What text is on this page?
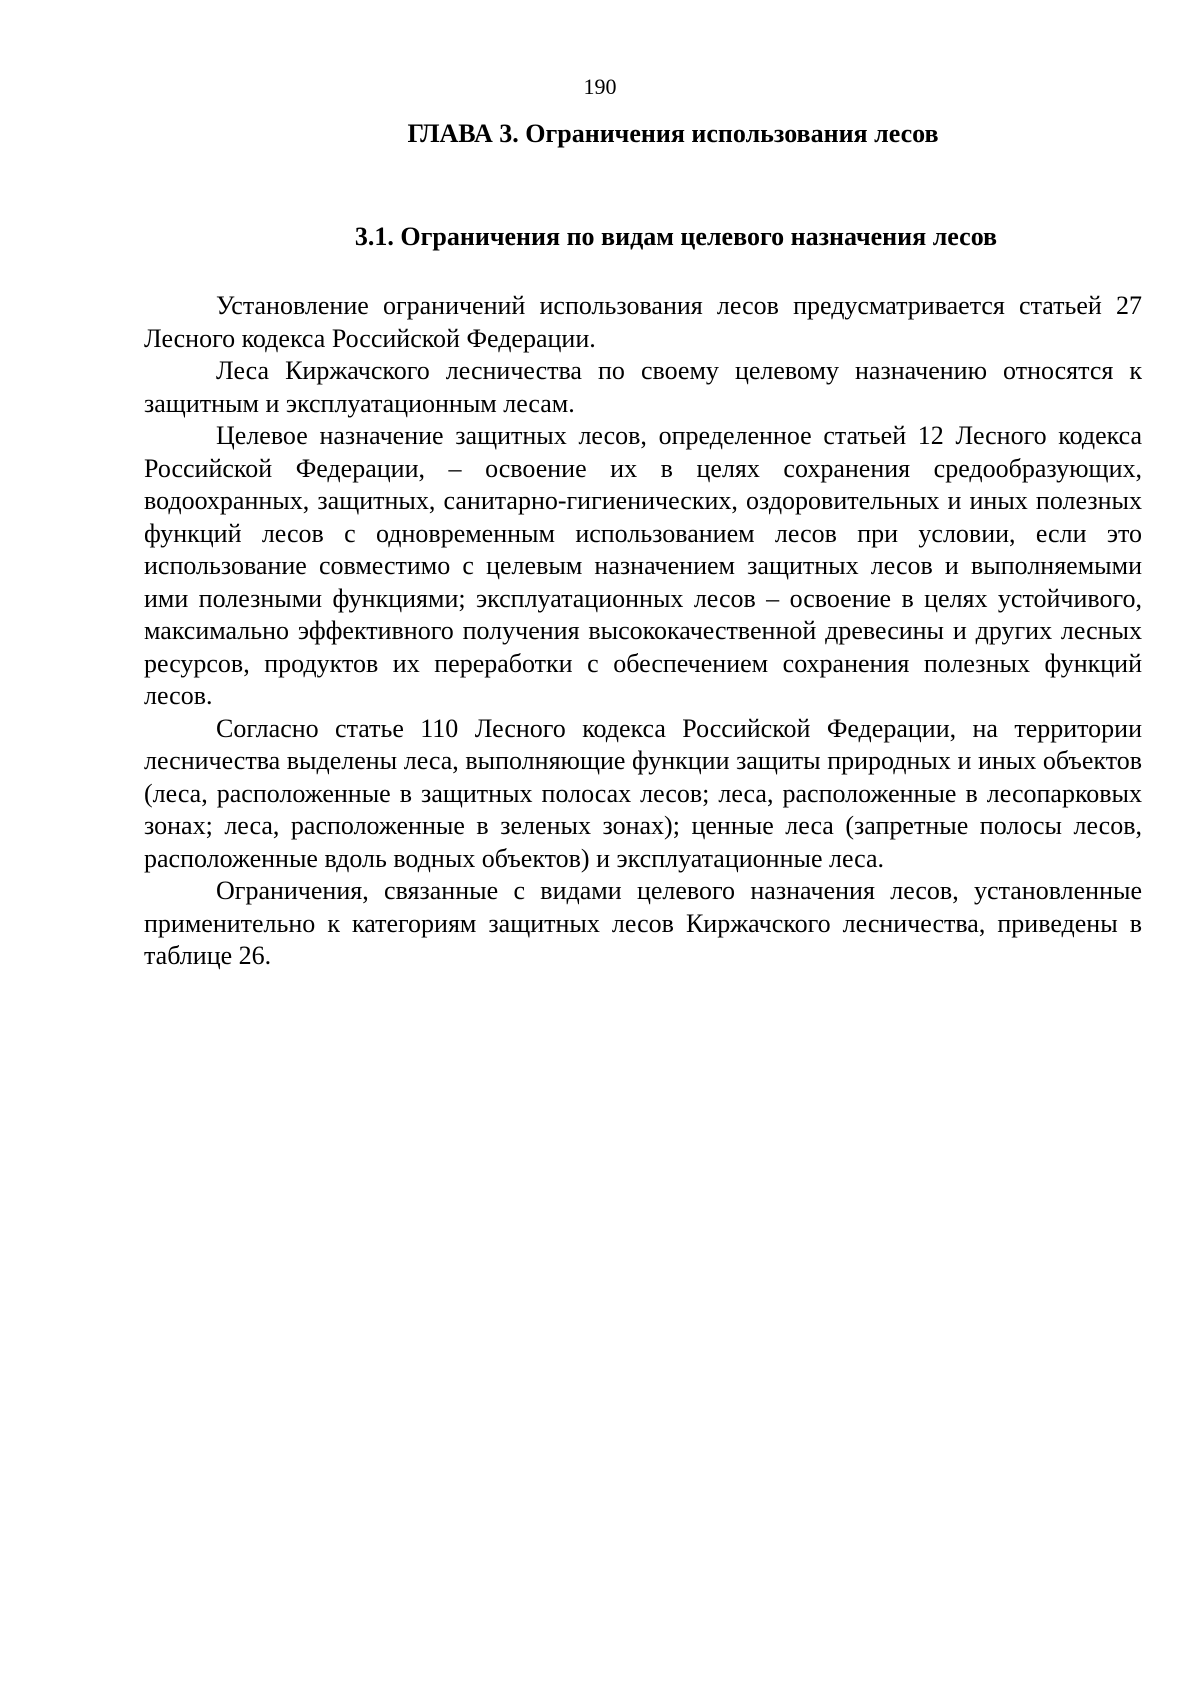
190
ГЛАВА 3. Ограничения использования лесов
3.1. Ограничения по видам целевого назначения лесов

Установление ограничений использования лесов предусматривается статьей 27 Лесного кодекса Российской Федерации.

Леса Киржачского лесничества по своему целевому назначению относятся к защитным и эксплуатационным лесам.

Целевое назначение защитных лесов, определенное статьей 12 Лесного кодекса Российской Федерации, – освоение их в целях сохранения средообразующих, водоохранных, защитных, санитарно-гигиенических, оздоровительных и иных полезных функций лесов с одновременным использованием лесов при условии, если это использование совместимо с целевым назначением защитных лесов и выполняемыми ими полезными функциями; эксплуатационных лесов – освоение в целях устойчивого, максимально эффективного получения высококачественной древесины и других лесных ресурсов, продуктов их переработки с обеспечением сохранения полезных функций лесов.

Согласно статье 110 Лесного кодекса Российской Федерации, на территории лесничества выделены леса, выполняющие функции защиты природных и иных объектов (леса, расположенные в защитных полосах лесов; леса, расположенные в лесопарковых зонах; леса, расположенные в зеленых зонах); ценные леса (запретные полосы лесов, расположенные вдоль водных объектов) и эксплуатационные леса.

Ограничения, связанные с видами целевого назначения лесов, установленные применительно к категориям защитных лесов Киржачского лесничества, приведены в таблице 26.
